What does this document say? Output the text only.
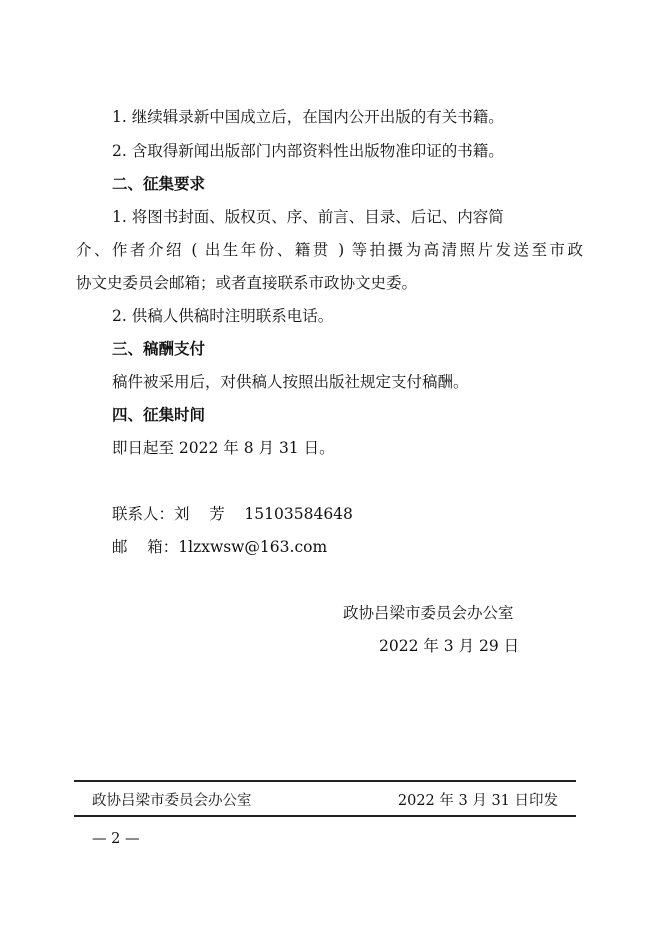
1. 继续辑录新中国成立后，在国内公开出版的有关书籍。
2. 含取得新闻出版部门内部资料性出版物准印证的书籍。
二、征集要求
1. 将图书封面、版权页、序、前言、目录、后记、内容简
介、作者介绍 ( 出生年份、籍贯 ) 等拍摄为高清照片发送至市政
协文史委员会邮箱；或者直接联系市政协文史委。
2. 供稿人供稿时注明联系电话。
三、稿酬支付
稿件被采用后，对供稿人按照出版社规定支付稿酬。
四、征集时间
即日起至 2022 年 8 月 31 日。
联系人：刘    芳    15103584648
邮    箱：1lzxwsw@163.com
政协吕梁市委员会办公室
2022 年 3 月 29 日
政协吕梁市委员会办公室	2022 年 3 月 31 日印发
— 2 —
